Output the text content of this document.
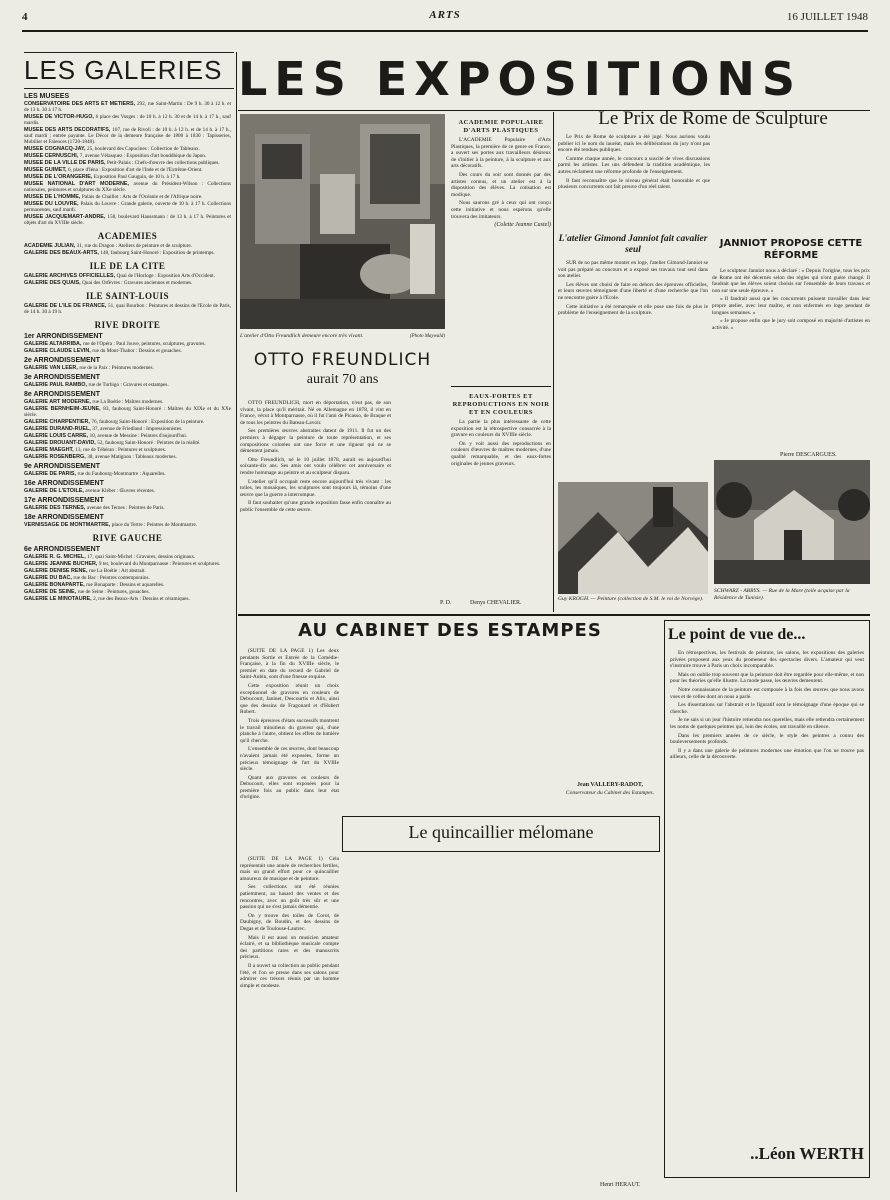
4	ARTS	16 JUILLET 1948
LES GALERIES LES EXPOSITIONS
LES MUSEES
CONSERVATOIRE DES ARTS ET METIERS, 292, rue Saint-Martin : De 9 h. 30 à 12 h. et de 13 h. 30 à 17 h.
MUSEE DE VICTOR-HUGO, 6 place des Vosges : de 10 h. à 12 h. 30 et de 14 h. à 17 h., sauf mardis.
MUSEE DES ARTS DECORATIFS, 107, rue de Rivoli : de 10 h. à 12 h. et de 14 h. à 17 h., sauf mardi ; entrée payante. Le Décor de la demeure française de 1800 à 1830 : Tapisseries, Mobilier et Faïences (1720-1848).
MUSEE COGNACQ-JAY, 25, boulevard des Capucines : Collection de Tableaux.
MUSEE CERNUSCHI, 7, avenue Vélasquez : Exposition d'art bouddhique du Japon.
MUSEE DE LA VILLE DE PARIS, Petit-Palais : Chefs-d'œuvre des collections publiques.
MUSEE GUIMET, 6, place d'Iéna : Exposition d'art de l'Inde et de l'Extrême-Orient.
MUSEE DE L'ORANGERIE, Exposition Paul Gauguin, de 10 h. à 17 h.
MUSEE NATIONAL D'ART MODERNE, avenue du Président-Wilson : Collections nationales, peintures et sculptures du XXe siècle.
MUSEE DE L'HOMME, Palais de Chaillot : Arts de l'Océanie et de l'Afrique noire.
MUSEE DU LOUVRE, Palais du Louvre : Grande galerie, ouverte de 10 h. à 17 h. Collections permanentes, sauf mardi.
MUSEE JACQUEMART-ANDRE, 158, boulevard Haussmann : de 13 h. à 17 h. Peintures et objets d'art du XVIIIe siècle.
ACADEMIES
ACADEMIE JULIAN, 31, rue du Dragon : Ateliers de peinture et de sculpture.
GALERIE DES BEAUX-ARTS, 140, faubourg Saint-Honoré : Exposition de printemps.
ILE DE LA CITE
GALERIE ARCHIVES OFFICIELLES, Quai de l'Horloge : Exposition Arts d'Occident.
GALERIE DES QUAIS, Quai des Orfèvres : Gravures anciennes et modernes.
ILE SAINT-LOUIS
GALERIE DE L'ILE DE FRANCE, 51, quai Bourbon : Peintures et dessins de l'Ecole de Paris, de 14 h. 30 à 19 h.
RIVE DROITE
1er ARRONDISSEMENT
GALERIE ALTARRIBA, rue de l'Opéra : Paul Jouve, peintures, sculptures, gravures.
GALERIE CLAUDE LEVIN, rue du Mont-Thabor : Dessins et gouaches.
2e ARRONDISSEMENT
GALERIE VAN LEER, rue de la Paix : Peintures modernes.
3e ARRONDISSEMENT
GALERIE PAUL RAMBO, rue de Turbigo : Gravures et estampes.
8e ARRONDISSEMENT
GALERIE ART MODERNE, rue La Boétie : Maîtres modernes.
GALERIE BERNHEIM-JEUNE, 83, faubourg Saint-Honoré : Maîtres du XIXe et du XXe siècle.
GALERIE CHARPENTIER, 76, faubourg Saint-Honoré : Exposition de la peinture.
GALERIE DURAND-RUEL, 37, avenue de Friedland : Impressionnistes.
GALERIE LOUIS CARRE, 10, avenue de Messine : Peintres d'aujourd'hui.
GALERIE DROUANT-DAVID, 52, faubourg Saint-Honoré : Peintres de la réalité.
GALERIE MAEGHT, 13, rue de Téhéran : Peintures et sculptures.
GALERIE ROSENBERG, 38, avenue Matignon : Tableaux modernes.
9e ARRONDISSEMENT
GALERIE DE PARIS, rue du Faubourg-Montmartre : Aquarelles.
16e ARRONDISSEMENT
GALERIE DE L'ETOILE, avenue Kléber : Œuvres récentes.
17e ARRONDISSEMENT
GALERIE DES TERNES, avenue des Ternes : Peintres de Paris.
18e ARRONDISSEMENT
VERNISSAGE DE MONTMARTRE, place du Tertre : Peintres de Montmartre.
RIVE GAUCHE
6e ARRONDISSEMENT
GALERIE R. G. MICHEL, 17, quai Saint-Michel : Gravures, dessins originaux.
GALERIE JEANNE BUCHER, 9 ter, boulevard du Montparnasse : Peintures et sculptures.
GALERIE DENISE RENE, rue La Boétie : Art abstrait.
GALERIE DU BAC, rue du Bac : Peintres contemporains.
GALERIE BONAPARTE, rue Bonaparte : Dessins et aquarelles.
GALERIE DE SEINE, rue de Seine : Peintures, gouaches.
GALERIE LE MINOTAURE, 2, rue des Beaux-Arts : Dessins et céramiques.
L'atelier d'Otto Freundlich demeure encore très vivant.	(Photo Maywald)
OTTO FREUNDLICH
aurait 70 ans

OTTO FREUNDLICH, mort en déportation, n'eut pas, de son vivant, la place qu'il méritait. Né en Allemagne en 1878, il vint en France, vécut à Montparnasse, où il fut l'ami de Picasso, de Braque et de tous les peintres du Bateau-Lavoir.

Ses premières œuvres abstraites datent de 1911. Il fut un des premiers à dégager la peinture de toute représentation, et ses compositions colorées ont une force et une rigueur qui ne se démentent jamais.

Otto Freundlich, né le 10 juillet 1878, aurait eu aujourd'hui soixante-dix ans. Ses amis ont voulu célébrer cet anniversaire et rendre hommage au peintre et au sculpteur disparu.

L'atelier qu'il occupait reste encore aujourd'hui très vivant : les toiles, les mosaïques, les sculptures sont toujours là, témoins d'une œuvre que la guerre a interrompue.

Il faut souhaiter qu'une grande exposition fasse enfin connaître au public l'ensemble de cette œuvre.

P. D.
ACADEMIE POPULAIRE D'ARTS PLASTIQUES

L'ACADEMIE Populaire d'Arts Plastiques, la première de ce genre en France, a ouvert ses portes aux travailleurs désireux de s'initier à la peinture, à la sculpture et aux arts décoratifs.

Des cours du soir sont donnés par des artistes connus, et un atelier est à la disposition des élèves. La cotisation est modique.

Nous saurons gré à ceux qui ont conçu cette initiative et nous espérons qu'elle trouvera des imitateurs.

(Colette Jeanne Castel)
EAUX-FORTES ET REPRODUCTIONS EN NOIR ET EN COULEURS

La partie la plus intéressante de cette exposition est la rétrospective consacrée à la gravure en couleurs du XVIIIe siècle.

On y voit aussi des reproductions en couleurs d'œuvres de maîtres modernes, d'une qualité remarquable, et des eaux-fortes originales de jeunes graveurs.

Denys CHEVALIER.
Le Prix de Rome de Sculpture

Le Prix de Rome de sculpture a été jugé. Nous aurions voulu publier ici le nom du lauréat, mais les délibérations du jury n'ont pas encore été rendues publiques.

Comme chaque année, le concours a suscité de vives discussions parmi les artistes. Les uns défendent la tradition académique, les autres réclament une réforme profonde de l'enseignement.

Il faut reconnaître que le niveau général était honorable et que plusieurs concurrents ont fait preuve d'un réel talent.

L'atelier Gimond Janniot fait cavalier seul

SUR de no pas même monter en loge, l'atelier Gimond-Janniot se voit pas préparé au concours et a exposé ses travaux tout seul dans son atelier.

Les élèves ont choisi de faire en dehors des épreuves officielles, et leurs œuvres témoignent d'une liberté et d'une recherche que l'on ne rencontre guère à l'Ecole.

Cette initiative a été remarquée et elle pose une fois de plus le problème de l'enseignement de la sculpture.

JANNIOT PROPOSE CETTE RÉFORME

Le sculpteur Janniot nous a déclaré : « Depuis l'origine, tous les prix de Rome ont été décernés selon des règles qui n'ont guère changé. Il faudrait que les élèves soient choisis sur l'ensemble de leurs travaux et non sur une seule épreuve. »

« Il faudrait aussi que les concurrents puissent travailler dans leur propre atelier, avec leur maître, et non enfermés en loge pendant de longues semaines. »

« Je propose enfin que le jury soit composé en majorité d'artistes en activité. »

Pierre DESCARGUES.
Guy KROGH. — Peinture (collection de S.M. le roi de Norvège).
SCHWARZ - ABRYS. — Rue de la Mare (toile acquise par la Résidence de Tunisie).
AU CABINET DES ESTAMPES

(SUITE DE LA PAGE 1) Les deux pendants Sortie et Entrée de la Comédie-Française, à la fin du XVIIIe siècle, le premier en date du recueil de Gabriel de Saint-Aubin, sont d'une finesse exquise.

Cette exposition réunit un choix exceptionnel de gravures en couleurs de Debucourt, Janinet, Descourtis et Alix, ainsi que des dessins de Fragonard et d'Hubert Robert.

Trois épreuves d'états successifs montrent le travail minutieux du graveur qui, d'une planche à l'autre, obtient les effets de lumière qu'il cherche.

L'ensemble de ces œuvres, dont beaucoup n'avaient jamais été exposées, forme un précieux témoignage de l'art du XVIIIe siècle.

Quant aux gravures en couleurs de Debucourt, elles sont exposées pour la première fois au public dans leur état d'origine.

Jean VALLERY-RADOT,
Conservateur du Cabinet des Estampes.
Le quincaillier mélomane

(SUITE DE LA PAGE 1) Cela représentait une année de recherches fertiles, mais un grand effort pour ce quincaillier amoureux de musique et de peinture.

Ses collections ont été réunies patiemment, au hasard des ventes et des rencontres, avec un goût très sûr et une passion qui ne s'est jamais démentie.

On y trouve des toiles de Corot, de Daubigny, de Boudin, et des dessins de Degas et de Toulouse-Lautrec.

Mais il est aussi un musicien amateur éclairé, et sa bibliothèque musicale compte des partitions rares et des manuscrits précieux.

Il a ouvert sa collection au public pendant l'été, et l'on se presse dans ses salons pour admirer ces trésors réunis par un homme simple et modeste.

Henri HERAUT.
Le point de vue de...

En rétrospectives, les festivals de peinture, les salons, les expositions des galeries privées proposent aux yeux du promeneur des spectacles divers. L'amateur qui veut s'instruire trouve à Paris un choix incomparable.

Mais on oublie trop souvent que la peinture doit être regardée pour elle-même, et non pour les théories qu'elle illustre. La mode passe, les œuvres demeurent.

Notre connaissance de la peinture est composée à la fois des œuvres que nous avons vues et de celles dont on nous a parlé.

Les dissertations sur l'abstrait et le figuratif sont le témoignage d'une époque qui se cherche.

Je ne sais si un jour l'histoire retiendra nos querelles, mais elle retiendra certainement les noms de quelques peintres qui, loin des écoles, ont travaillé en silence.

Dans les premiers années de ce siècle, le style des peintres a connu des bouleversements profonds.

Il y a dans une galerie de peintures modernes une émotion que l'on ne trouve pas ailleurs, celle de la découverte.

..Léon WERTH
